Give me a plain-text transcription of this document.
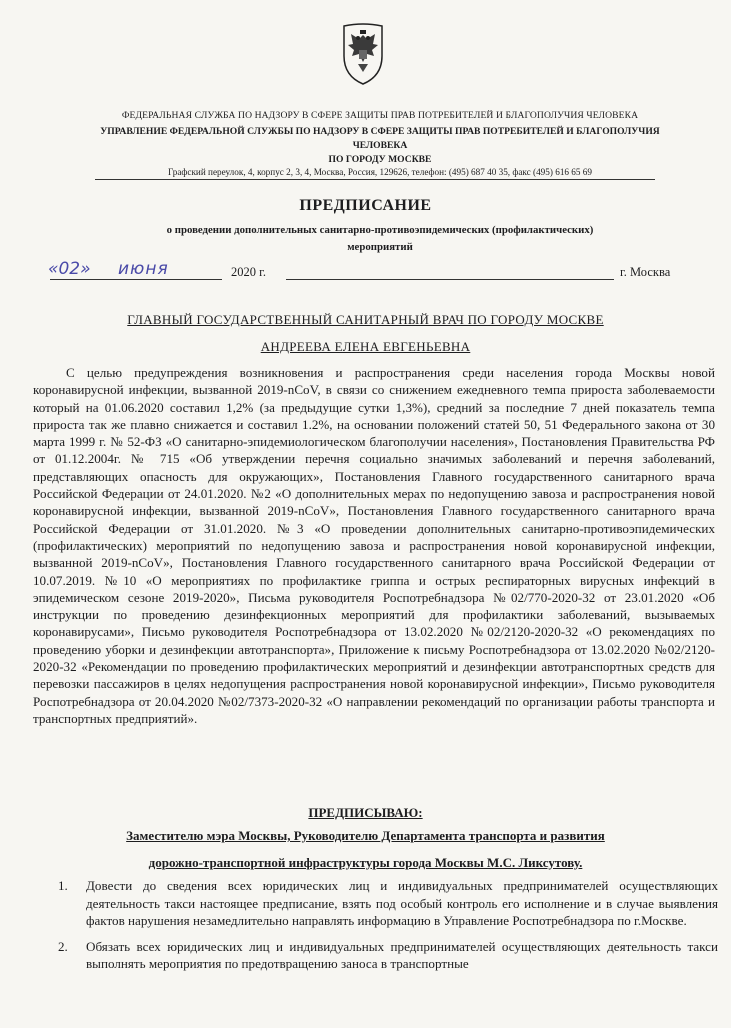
ФЕДЕРАЛЬНАЯ СЛУЖБА ПО НАДЗОРУ В СФЕРЕ ЗАЩИТЫ ПРАВ ПОТРЕБИТЕЛЕЙ И БЛАГОПОЛУЧИЯ ЧЕЛОВЕКА
УПРАВЛЕНИЕ ФЕДЕРАЛЬНОЙ СЛУЖБЫ ПО НАДЗОРУ В СФЕРЕ ЗАЩИТЫ ПРАВ ПОТРЕБИТЕЛЕЙ И БЛАГОПОЛУЧИЯ
ЧЕЛОВЕКА
ПО ГОРОДУ МОСКВЕ
Графский переулок, 4, корпус 2, 3, 4, Москва, Россия, 129626, телефон: (495) 687 40 35, факс (495) 616 65 69
ПРЕДПИСАНИЕ
о проведении дополнительных санитарно-противоэпидемических (профилактических)
мероприятий
«02» июня	2020 г.	г. Москва
ГЛАВНЫЙ ГОСУДАРСТВЕННЫЙ САНИТАРНЫЙ ВРАЧ ПО ГОРОДУ МОСКВЕ
АНДРЕЕВА ЕЛЕНА ЕВГЕНЬЕВНА

С целью предупреждения возникновения и распространения среди населения города Москвы новой коронавирусной инфекции, вызванной 2019-nCoV, в связи со снижением ежедневного темпа прироста заболеваемости который на 01.06.2020 составил 1,2% (за предыдущие сутки 1,3%), средний за последние 7 дней показатель темпа прироста так же плавно снижается и составил 1.2%, на основании положений статей 50, 51 Федерального закона от 30 марта 1999 г. № 52-ФЗ «О санитарно-эпидемиологическом благополучии населения», Постановления Правительства РФ от 01.12.2004г. № 715 «Об утверждении перечня социально значимых заболеваний и перечня заболеваний, представляющих опасность для окружающих», Постановления Главного государственного санитарного врача Российской Федерации от 24.01.2020. №2 «О дополнительных мерах по недопущению завоза и распространения новой коронавирусной инфекции, вызванной 2019-nCoV», Постановления Главного государственного санитарного врача Российской Федерации от 31.01.2020. №3 «О проведении дополнительных санитарно-противоэпидемических (профилактических) мероприятий по недопущению завоза и распространения новой коронавирусной инфекции, вызванной 2019-nCoV», Постановления Главного государственного санитарного врача Российской Федерации от 10.07.2019. №10 «О мероприятиях по профилактике гриппа и острых респираторных вирусных инфекций в эпидемическом сезоне 2019-2020», Письма руководителя Роспотребнадзора №02/770-2020-32 от 23.01.2020 «Об инструкции по проведению дезинфекционных мероприятий для профилактики заболеваний, вызываемых коронавирусами», Письмо руководителя Роспотребнадзора от 13.02.2020 №02/2120-2020-32 «О рекомендациях по проведению уборки и дезинфекции автотранспорта», Приложение к письму Роспотребнадзора от 13.02.2020 №02/2120-2020-32 «Рекомендации по проведению профилактических мероприятий и дезинфекции автотранспортных средств для перевозки пассажиров в целях недопущения распространения новой коронавирусной инфекции», Письмо руководителя Роспотребнадзора от 20.04.2020 №02/7373-2020-32 «О направлении рекомендаций по организации работы транспорта и транспортных предприятий».

ПРЕДПИСЫВАЮ:
Заместителю мэра Москвы, Руководителю Департамента транспорта и развития
дорожно-транспортной инфраструктуры города Москвы М.С. Ликсутову.
1. Довести до сведения всех юридических лиц и индивидуальных предпринимателей осуществляющих деятельность такси настоящее предписание, взять под особый контроль его исполнение и в случае выявления фактов нарушения незамедлительно направлять информацию в Управление Роспотребнадзора по г.Москве.
2. Обязать всех юридических лиц и индивидуальных предпринимателей осуществляющих деятельность такси выполнять мероприятия по предотвращению заноса в транспортные
